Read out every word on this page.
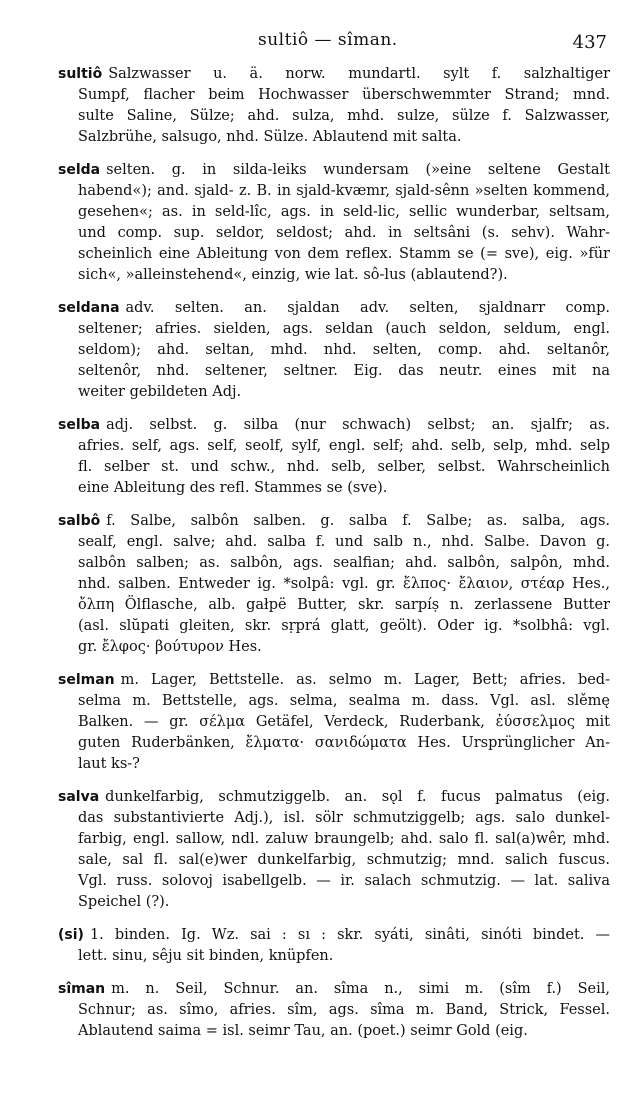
sultiô — sîman.	437
sultiô Salzwasser u. ä. norw. mundartl. sylt f. salzhaltiger
Sumpf, flacher beim Hochwasser überschwemmter Strand; mnd.
sulte Saline, Sülze; ahd. sulza, mhd. sulze, sülze f. Salzwasser,
Salzbrühe, salsugo, nhd. Sülze. Ablautend mit salta.
selda selten. g. in silda-leiks wundersam (»eine seltene Gestalt
habend«); and. sjald- z. B. in sjald-kvæmr, sjald-sênn »selten kommend,
gesehen«; as. in seld-lîc, ags. in seld-lic, sellic wunderbar, seltsam,
und comp. sup. seldor, seldost; ahd. in seltsâni (s. sehv). Wahr-
scheinlich eine Ableitung von dem reflex. Stamm se (= sve), eig. »für
sich«, »alleinstehend«, einzig, wie lat. sô-lus (ablautend?).
seldana adv. selten. an. sjaldan adv. selten, sjaldnarr comp.
seltener; afries. sielden, ags. seldan (auch seldon, seldum, engl.
seldom); ahd. seltan, mhd. nhd. selten, comp. ahd. seltanôr,
seltenôr, nhd. seltener, seltner. Eig. das neutr. eines mit na
weiter gebildeten Adj.
selba adj. selbst. g. silba (nur schwach) selbst; an. sjalfr; as.
afries. self, ags. self, seolf, sylf, engl. self; ahd. selb, selp, mhd. selp
fl. selber st. und schw., nhd. selb, selber, selbst. Wahrscheinlich
eine Ableitung des refl. Stammes se (sve).
salbô f. Salbe, salbôn salben. g. salba f. Salbe; as. salba, ags.
sealf, engl. salve; ahd. salba f. und salb n., nhd. Salbe. Davon g.
salbôn salben; as. salbôn, ags. sealfian; ahd. salbôn, salpôn, mhd.
nhd. salben. Entweder ig. *solpâ: vgl. gr. ἔλπος· ἔλαιον, στέαρ Hes.,
ὄλπη Ölflasche, alb. gałpë Butter, skr. sarpíṣ n. zerlassene Butter
(asl. slŭpati gleiten, skr. sṛprá glatt, geölt). Oder ig. *solbhâ: vgl.
gr. ἔλφος· βούτυρον Hes.
selman m. Lager, Bettstelle. as. selmo m. Lager, Bett; afries. bed-
selma m. Bettstelle, ags. selma, sealma m. dass. Vgl. asl. slěmę
Balken. — gr. σέλμα Getäfel, Verdeck, Ruderbank, ἐύσσελμος mit
guten Ruderbänken, ἔλματα· σανιδώματα Hes. Ursprünglicher An-
laut ks-?
salva dunkelfarbig, schmutziggelb. an. sǫl f. fucus palmatus (eig.
das substantivierte Adj.), isl. sölr schmutziggelb; ags. salo dunkel-
farbig, engl. sallow, ndl. zaluw braungelb; ahd. salo fl. sal(a)wêr, mhd.
sale, sal fl. sal(e)wer dunkelfarbig, schmutzig; mnd. salich fuscus.
Vgl. russ. solovoj isabellgelb. — ir. salach schmutzig. — lat. saliva
Speichel (?).
(si) 1. binden. Ig. Wz. sai : sı : skr. syáti, sinâti, sinóti bindet. —
lett. sinu, sêju sit binden, knüpfen.
sîman m. n. Seil, Schnur. an. sîma n., simi m. (sîm f.) Seil,
Schnur; as. sîmo, afries. sîm, ags. sîma m. Band, Strick, Fessel.
Ablautend saima = isl. seimr Tau, an. (poet.) seimr Gold (eig.
